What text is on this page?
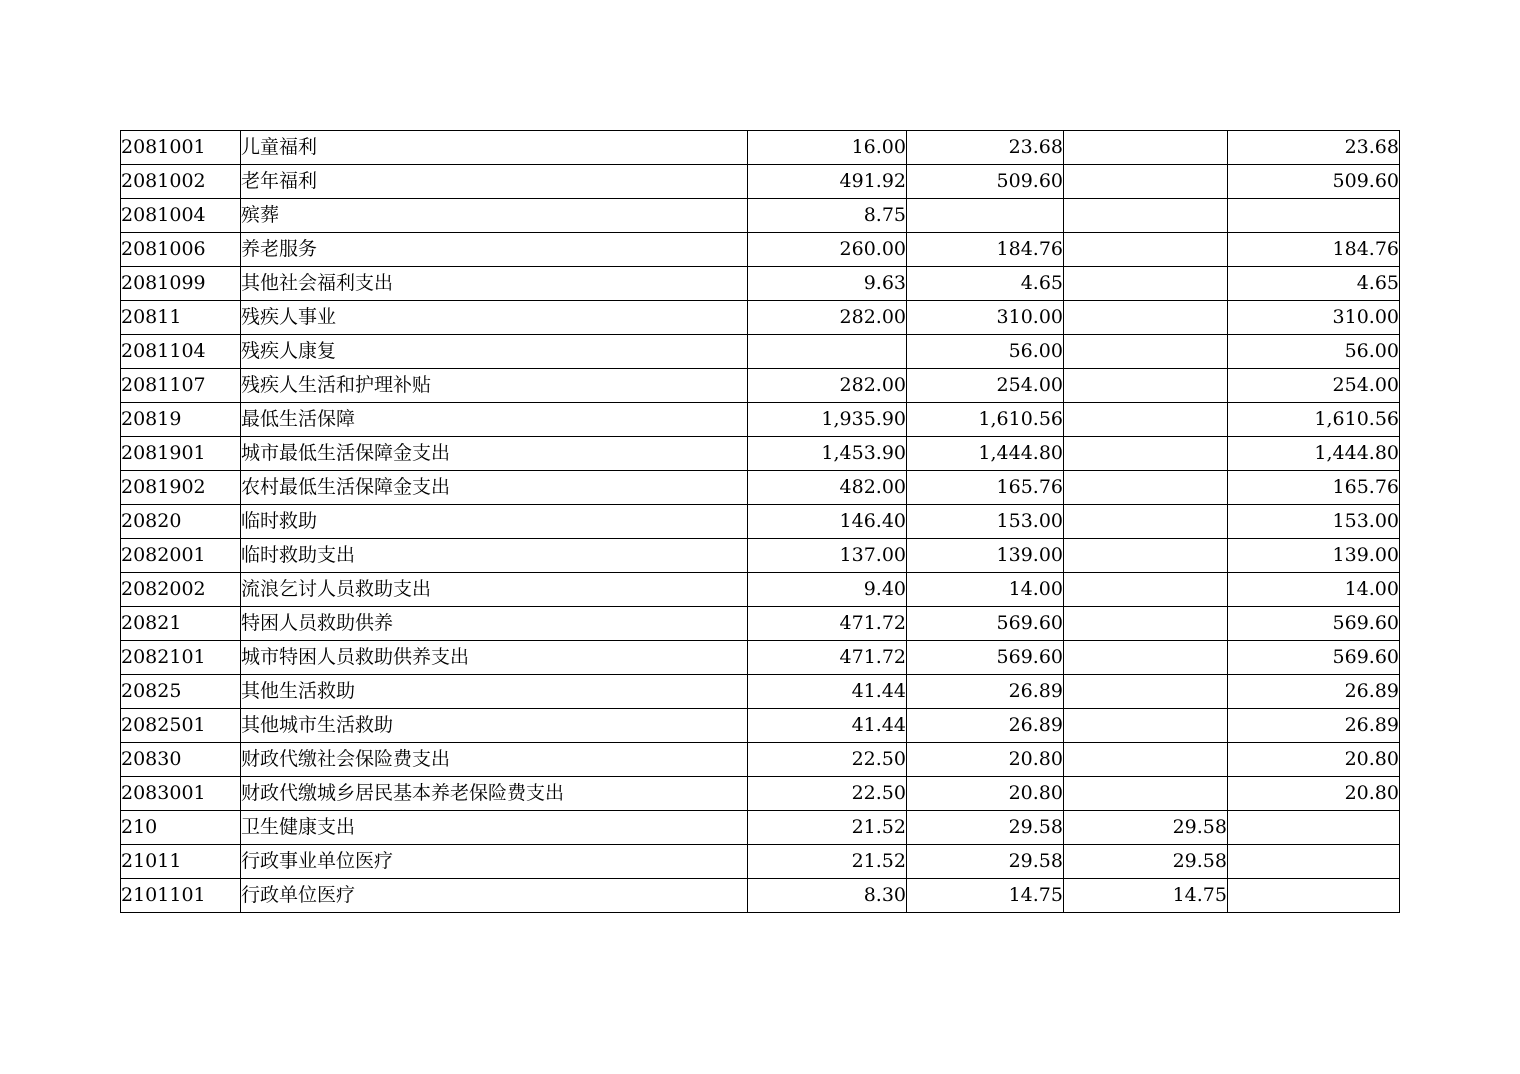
2081001	儿童福利	16.00	23.68		23.68
2081002	老年福利	491.92	509.60		509.60
2081004	殡葬	8.75			
2081006	养老服务	260.00	184.76		184.76
2081099	其他社会福利支出	9.63	4.65		4.65
20811	残疾人事业	282.00	310.00		310.00
2081104	残疾人康复		56.00		56.00
2081107	残疾人生活和护理补贴	282.00	254.00		254.00
20819	最低生活保障	1,935.90	1,610.56		1,610.56
2081901	城市最低生活保障金支出	1,453.90	1,444.80		1,444.80
2081902	农村最低生活保障金支出	482.00	165.76		165.76
20820	临时救助	146.40	153.00		153.00
2082001	临时救助支出	137.00	139.00		139.00
2082002	流浪乞讨人员救助支出	9.40	14.00		14.00
20821	特困人员救助供养	471.72	569.60		569.60
2082101	城市特困人员救助供养支出	471.72	569.60		569.60
20825	其他生活救助	41.44	26.89		26.89
2082501	其他城市生活救助	41.44	26.89		26.89
20830	财政代缴社会保险费支出	22.50	20.80		20.80
2083001	财政代缴城乡居民基本养老保险费支出	22.50	20.80		20.80
210	卫生健康支出	21.52	29.58	29.58	
21011	行政事业单位医疗	21.52	29.58	29.58	
2101101	行政单位医疗	8.30	14.75	14.75	
